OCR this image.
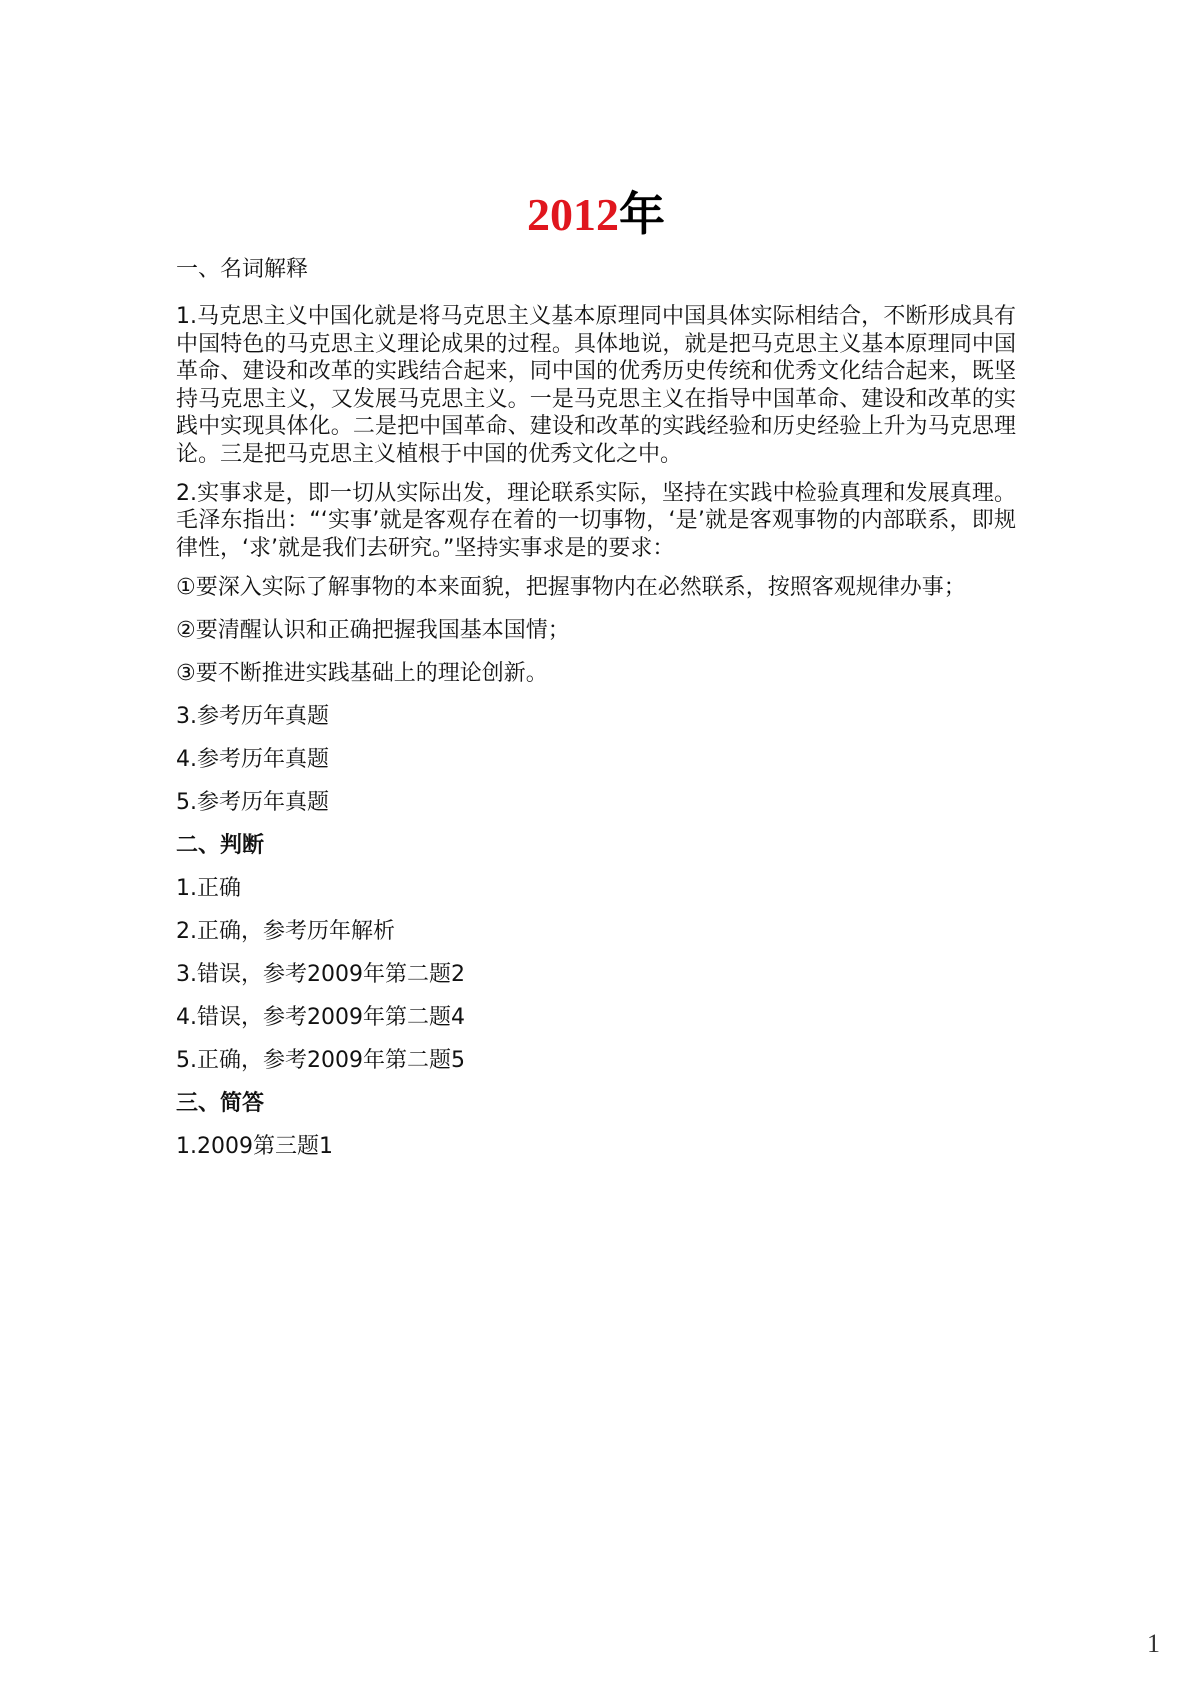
2012年
一、名词解释
1.马克思主义中国化就是将马克思主义基本原理同中国具体实际相结合，不断形成具有中国特色的马克思主义理论成果的过程。具体地说，就是把马克思主义基本原理同中国革命、建设和改革的实践结合起来，同中国的优秀历史传统和优秀文化结合起来，既坚持马克思主义，又发展马克思主义。一是马克思主义在指导中国革命、建设和改革的实践中实现具体化。二是把中国革命、建设和改革的实践经验和历史经验上升为马克思理论。三是把马克思主义植根于中国的优秀文化之中。
2.实事求是，即一切从实际出发，理论联系实际，坚持在实践中检验真理和发展真理。毛泽东指出：“‘实事’就是客观存在着的一切事物，‘是’就是客观事物的内部联系，即规律性，‘求’就是我们去研究。”坚持实事求是的要求：
①要深入实际了解事物的本来面貌，把握事物内在必然联系，按照客观规律办事；
②要清醒认识和正确把握我国基本国情；
③要不断推进实践基础上的理论创新。
3.参考历年真题
4.参考历年真题
5.参考历年真题
二、判断
1.正确
2.正确，参考历年解析
3.错误，参考2009年第二题2
4.错误，参考2009年第二题4
5.正确，参考2009年第二题5
三、简答
1.2009第三题1
1
